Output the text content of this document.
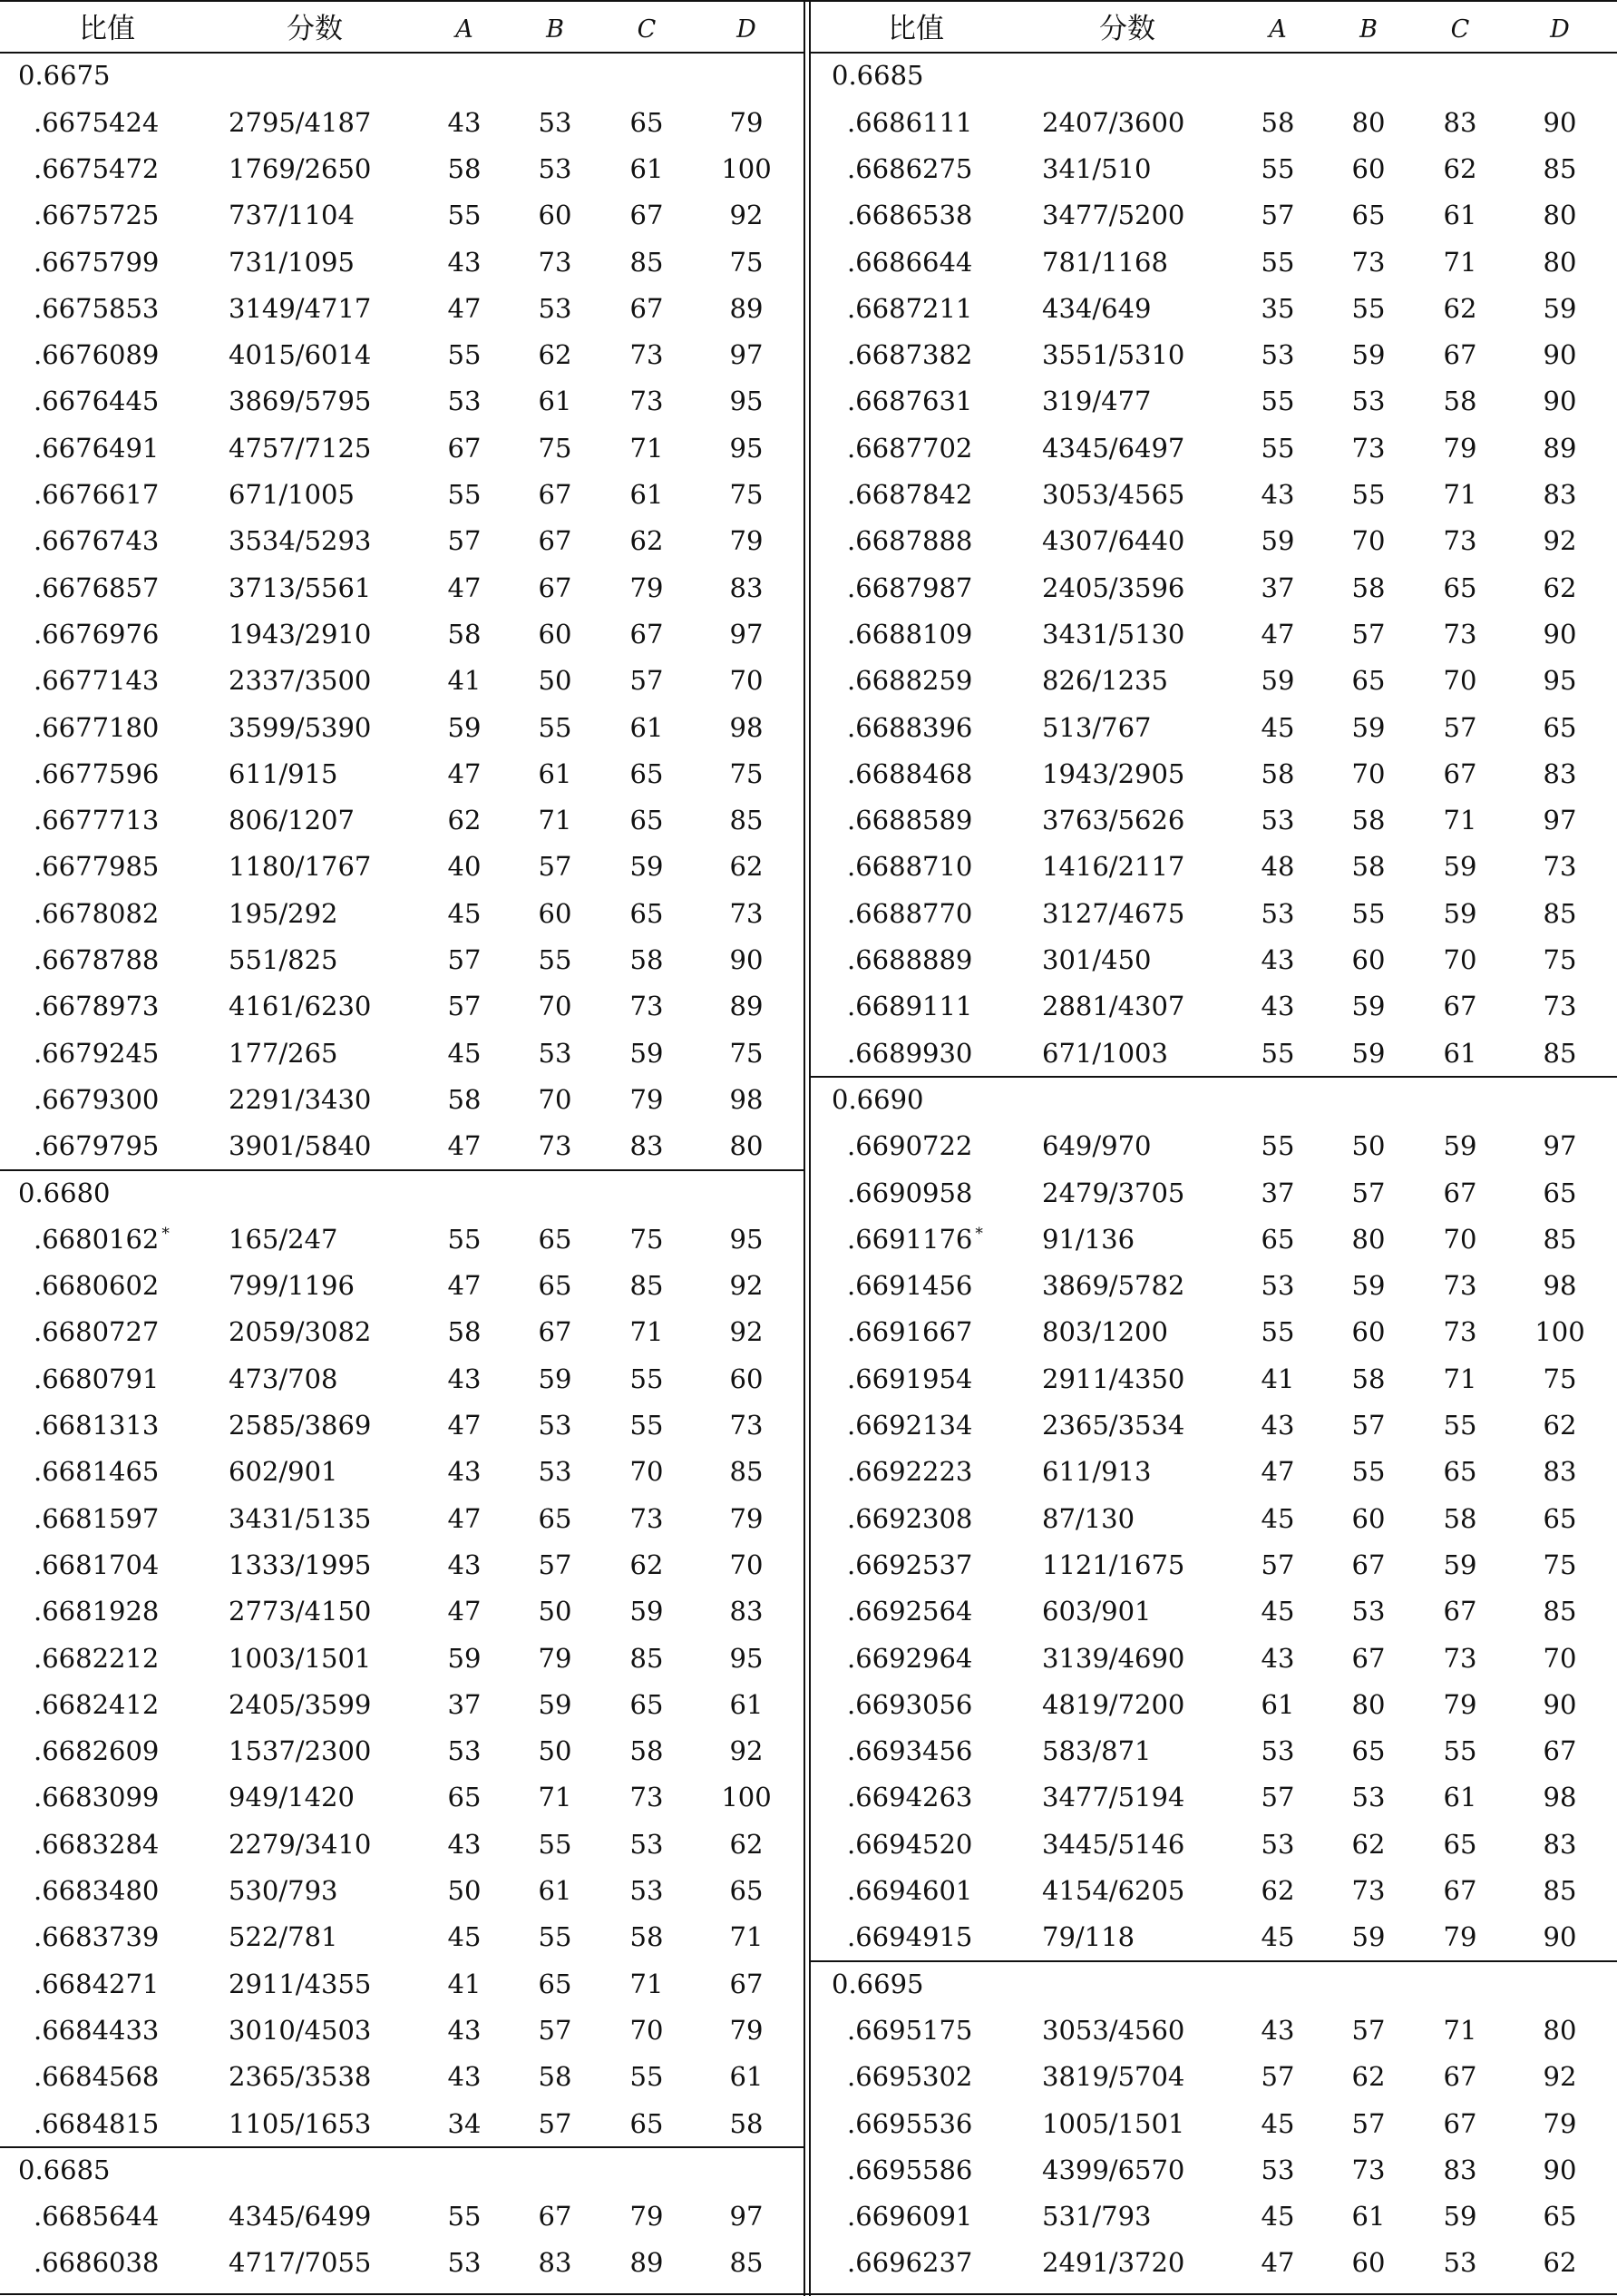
比值	分数	A	B	C	D
0.6675
.6675424	2795/4187	43	53	65	79
.6675472	1769/2650	58	53	61	100
.6675725	737/1104	55	60	67	92
.6675799	731/1095	43	73	85	75
.6675853	3149/4717	47	53	67	89
.6676089	4015/6014	55	62	73	97
.6676445	3869/5795	53	61	73	95
.6676491	4757/7125	67	75	71	95
.6676617	671/1005	55	67	61	75
.6676743	3534/5293	57	67	62	79
.6676857	3713/5561	47	67	79	83
.6676976	1943/2910	58	60	67	97
.6677143	2337/3500	41	50	57	70
.6677180	3599/5390	59	55	61	98
.6677596	611/915	47	61	65	75
.6677713	806/1207	62	71	65	85
.6677985	1180/1767	40	57	59	62
.6678082	195/292	45	60	65	73
.6678788	551/825	57	55	58	90
.6678973	4161/6230	57	70	73	89
.6679245	177/265	45	53	59	75
.6679300	2291/3430	58	70	79	98
.6679795	3901/5840	47	73	83	80
0.6680
.6680162 * 165/247	55	65	75	95
.6680602	799/1196	47	65	85	92
.6680727	2059/3082	58	67	71	92
.6680791	473/708	43	59	55	60
.6681313	2585/3869	47	53	55	73
.6681465	602/901	43	53	70	85
.6681597	3431/5135	47	65	73	79
.6681704	1333/1995	43	57	62	70
.6681928	2773/4150	47	50	59	83
.6682212	1003/1501	59	79	85	95
.6682412	2405/3599	37	59	65	61
.6682609	1537/2300	53	50	58	92
.6683099	949/1420	65	71	73	100
.6683284	2279/3410	43	55	53	62
.6683480	530/793	50	61	53	65
.6683739	522/781	45	55	58	71
.6684271	2911/4355	41	65	71	67
.6684433	3010/4503	43	57	70	79
.6684568	2365/3538	43	58	55	61
.6684815	1105/1653	34	57	65	58
0.6685
.6685644	4345/6499	55	67	79	97
.6686038	4717/7055	53	83	89	85
比值	分数	A	B	C	D
0.6685
.6686111	2407/3600	58	80	83	90
.6686275	341/510	55	60	62	85
.6686538	3477/5200	57	65	61	80
.6686644	781/1168	55	73	71	80
.6687211	434/649	35	55	62	59
.6687382	3551/5310	53	59	67	90
.6687631	319/477	55	53	58	90
.6687702	4345/6497	55	73	79	89
.6687842	3053/4565	43	55	71	83
.6687888	4307/6440	59	70	73	92
.6687987	2405/3596	37	58	65	62
.6688109	3431/5130	47	57	73	90
.6688259	826/1235	59	65	70	95
.6688396	513/767	45	59	57	65
.6688468	1943/2905	58	70	67	83
.6688589	3763/5626	53	58	71	97
.6688710	1416/2117	48	58	59	73
.6688770	3127/4675	53	55	59	85
.6688889	301/450	43	60	70	75
.6689111	2881/4307	43	59	67	73
.6689930	671/1003	55	59	61	85
0.6690
.6690722	649/970	55	50	59	97
.6690958	2479/3705	37	57	67	65
.6691176 * 91/136	65	80	70	85
.6691456	3869/5782	53	59	73	98
.6691667	803/1200	55	60	73	100
.6691954	2911/4350	41	58	71	75
.6692134	2365/3534	43	57	55	62
.6692223	611/913	47	55	65	83
.6692308	87/130	45	60	58	65
.6692537	1121/1675	57	67	59	75
.6692564	603/901	45	53	67	85
.6692964	3139/4690	43	67	73	70
.6693056	4819/7200	61	80	79	90
.6693456	583/871	53	65	55	67
.6694263	3477/5194	57	53	61	98
.6694520	3445/5146	53	62	65	83
.6694601	4154/6205	62	73	67	85
.6694915	79/118	45	59	79	90
0.6695
.6695175	3053/4560	43	57	71	80
.6695302	3819/5704	57	62	67	92
.6695536	1005/1501	45	57	67	79
.6695586	4399/6570	53	73	83	90
.6696091	531/793	45	61	59	65
.6696237	2491/3720	47	60	53	62
